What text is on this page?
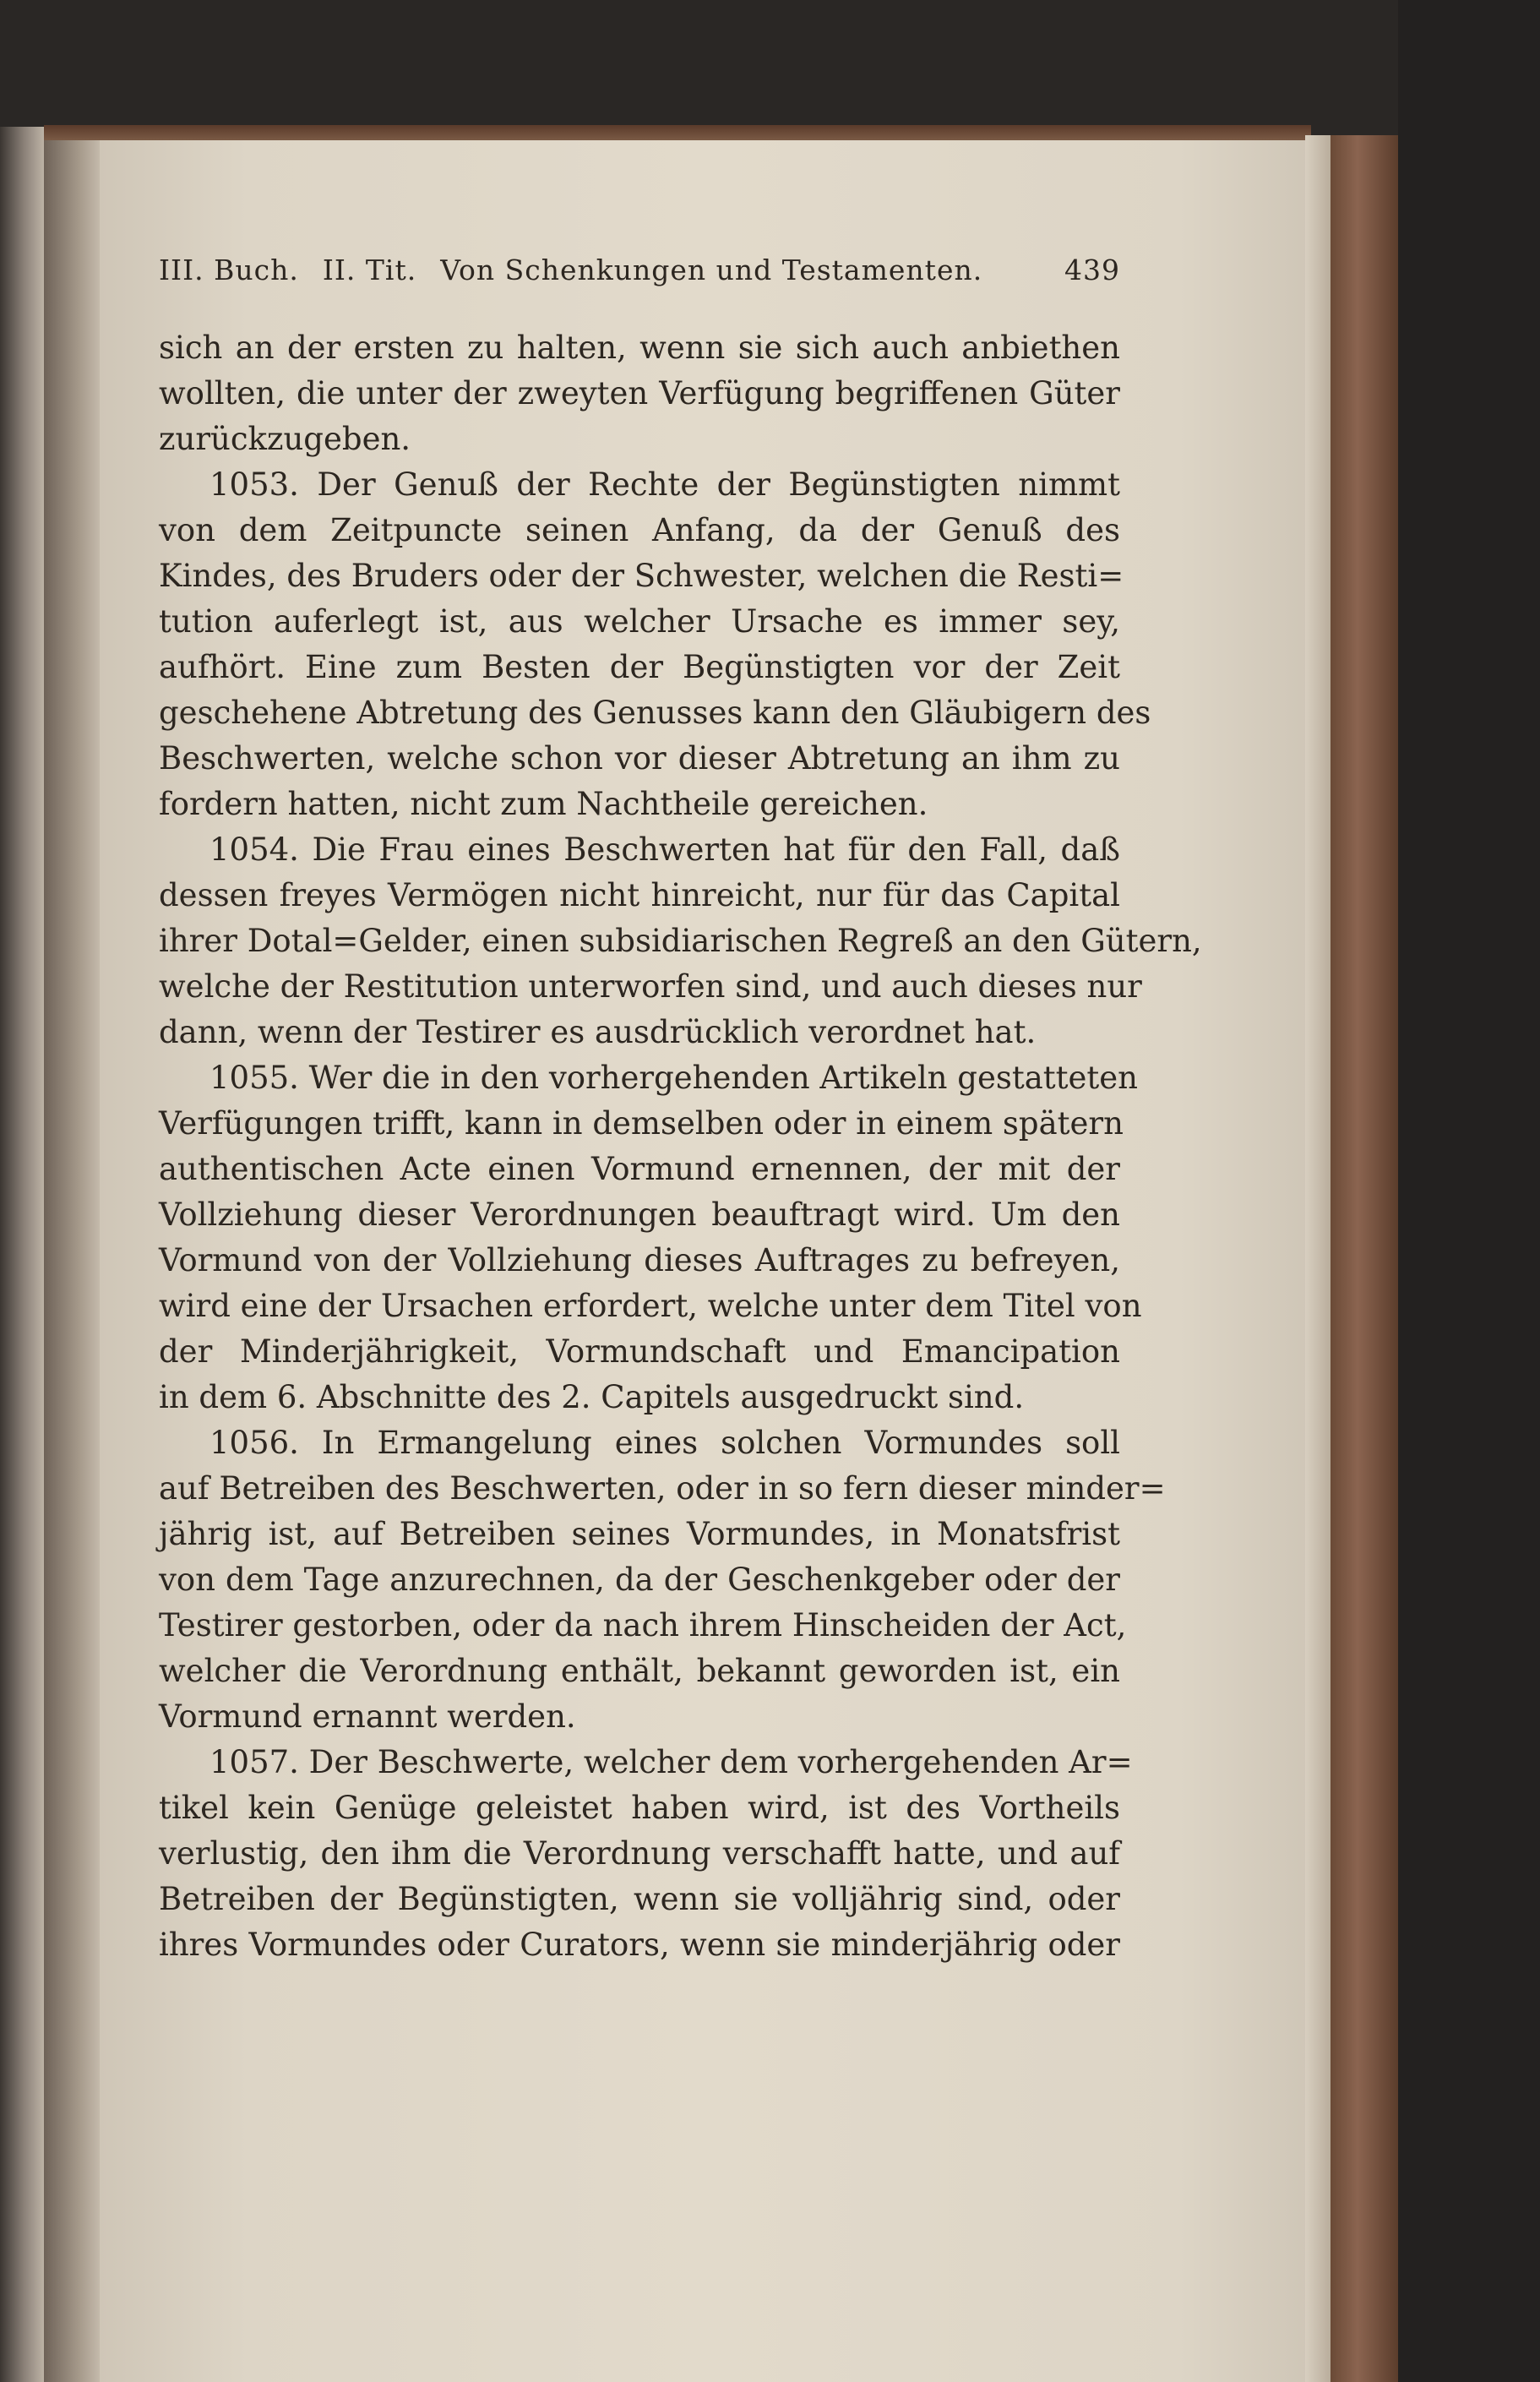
III. Buch. II. Tit. Von Schenkungen und Testamenten.	439
sich an der ersten zu halten, wenn sie sich auch anbiethen
wollten, die unter der zweyten Verfügung begriffenen Güter
zurückzugeben.
1053. Der Genuß der Rechte der Begünstigten nimmt
von dem Zeitpuncte seinen Anfang, da der Genuß des
Kindes, des Bruders oder der Schwester, welchen die Resti=
tution auferlegt ist, aus welcher Ursache es immer sey,
aufhört. Eine zum Besten der Begünstigten vor der Zeit
geschehene Abtretung des Genusses kann den Gläubigern des
Beschwerten, welche schon vor dieser Abtretung an ihm zu
fordern hatten, nicht zum Nachtheile gereichen.
1054. Die Frau eines Beschwerten hat für den Fall, daß
dessen freyes Vermögen nicht hinreicht, nur für das Capital
ihrer Dotal=Gelder, einen subsidiarischen Regreß an den Gütern,
welche der Restitution unterworfen sind, und auch dieses nur
dann, wenn der Testirer es ausdrücklich verordnet hat.
1055. Wer die in den vorhergehenden Artikeln gestatteten
Verfügungen trifft, kann in demselben oder in einem spätern
authentischen Acte einen Vormund ernennen, der mit der
Vollziehung dieser Verordnungen beauftragt wird. Um den
Vormund von der Vollziehung dieses Auftrages zu befreyen,
wird eine der Ursachen erfordert, welche unter dem Titel von
der Minderjährigkeit, Vormundschaft und Emancipation
in dem 6. Abschnitte des 2. Capitels ausgedruckt sind.
1056. In Ermangelung eines solchen Vormundes soll
auf Betreiben des Beschwerten, oder in so fern dieser minder=
jährig ist, auf Betreiben seines Vormundes, in Monatsfrist
von dem Tage anzurechnen, da der Geschenkgeber oder der
Testirer gestorben, oder da nach ihrem Hinscheiden der Act,
welcher die Verordnung enthält, bekannt geworden ist, ein
Vormund ernannt werden.
1057. Der Beschwerte, welcher dem vorhergehenden Ar=
tikel kein Genüge geleistet haben wird, ist des Vortheils
verlustig, den ihm die Verordnung verschafft hatte, und auf
Betreiben der Begünstigten, wenn sie volljährig sind, oder
ihres Vormundes oder Curators, wenn sie minderjährig oder
